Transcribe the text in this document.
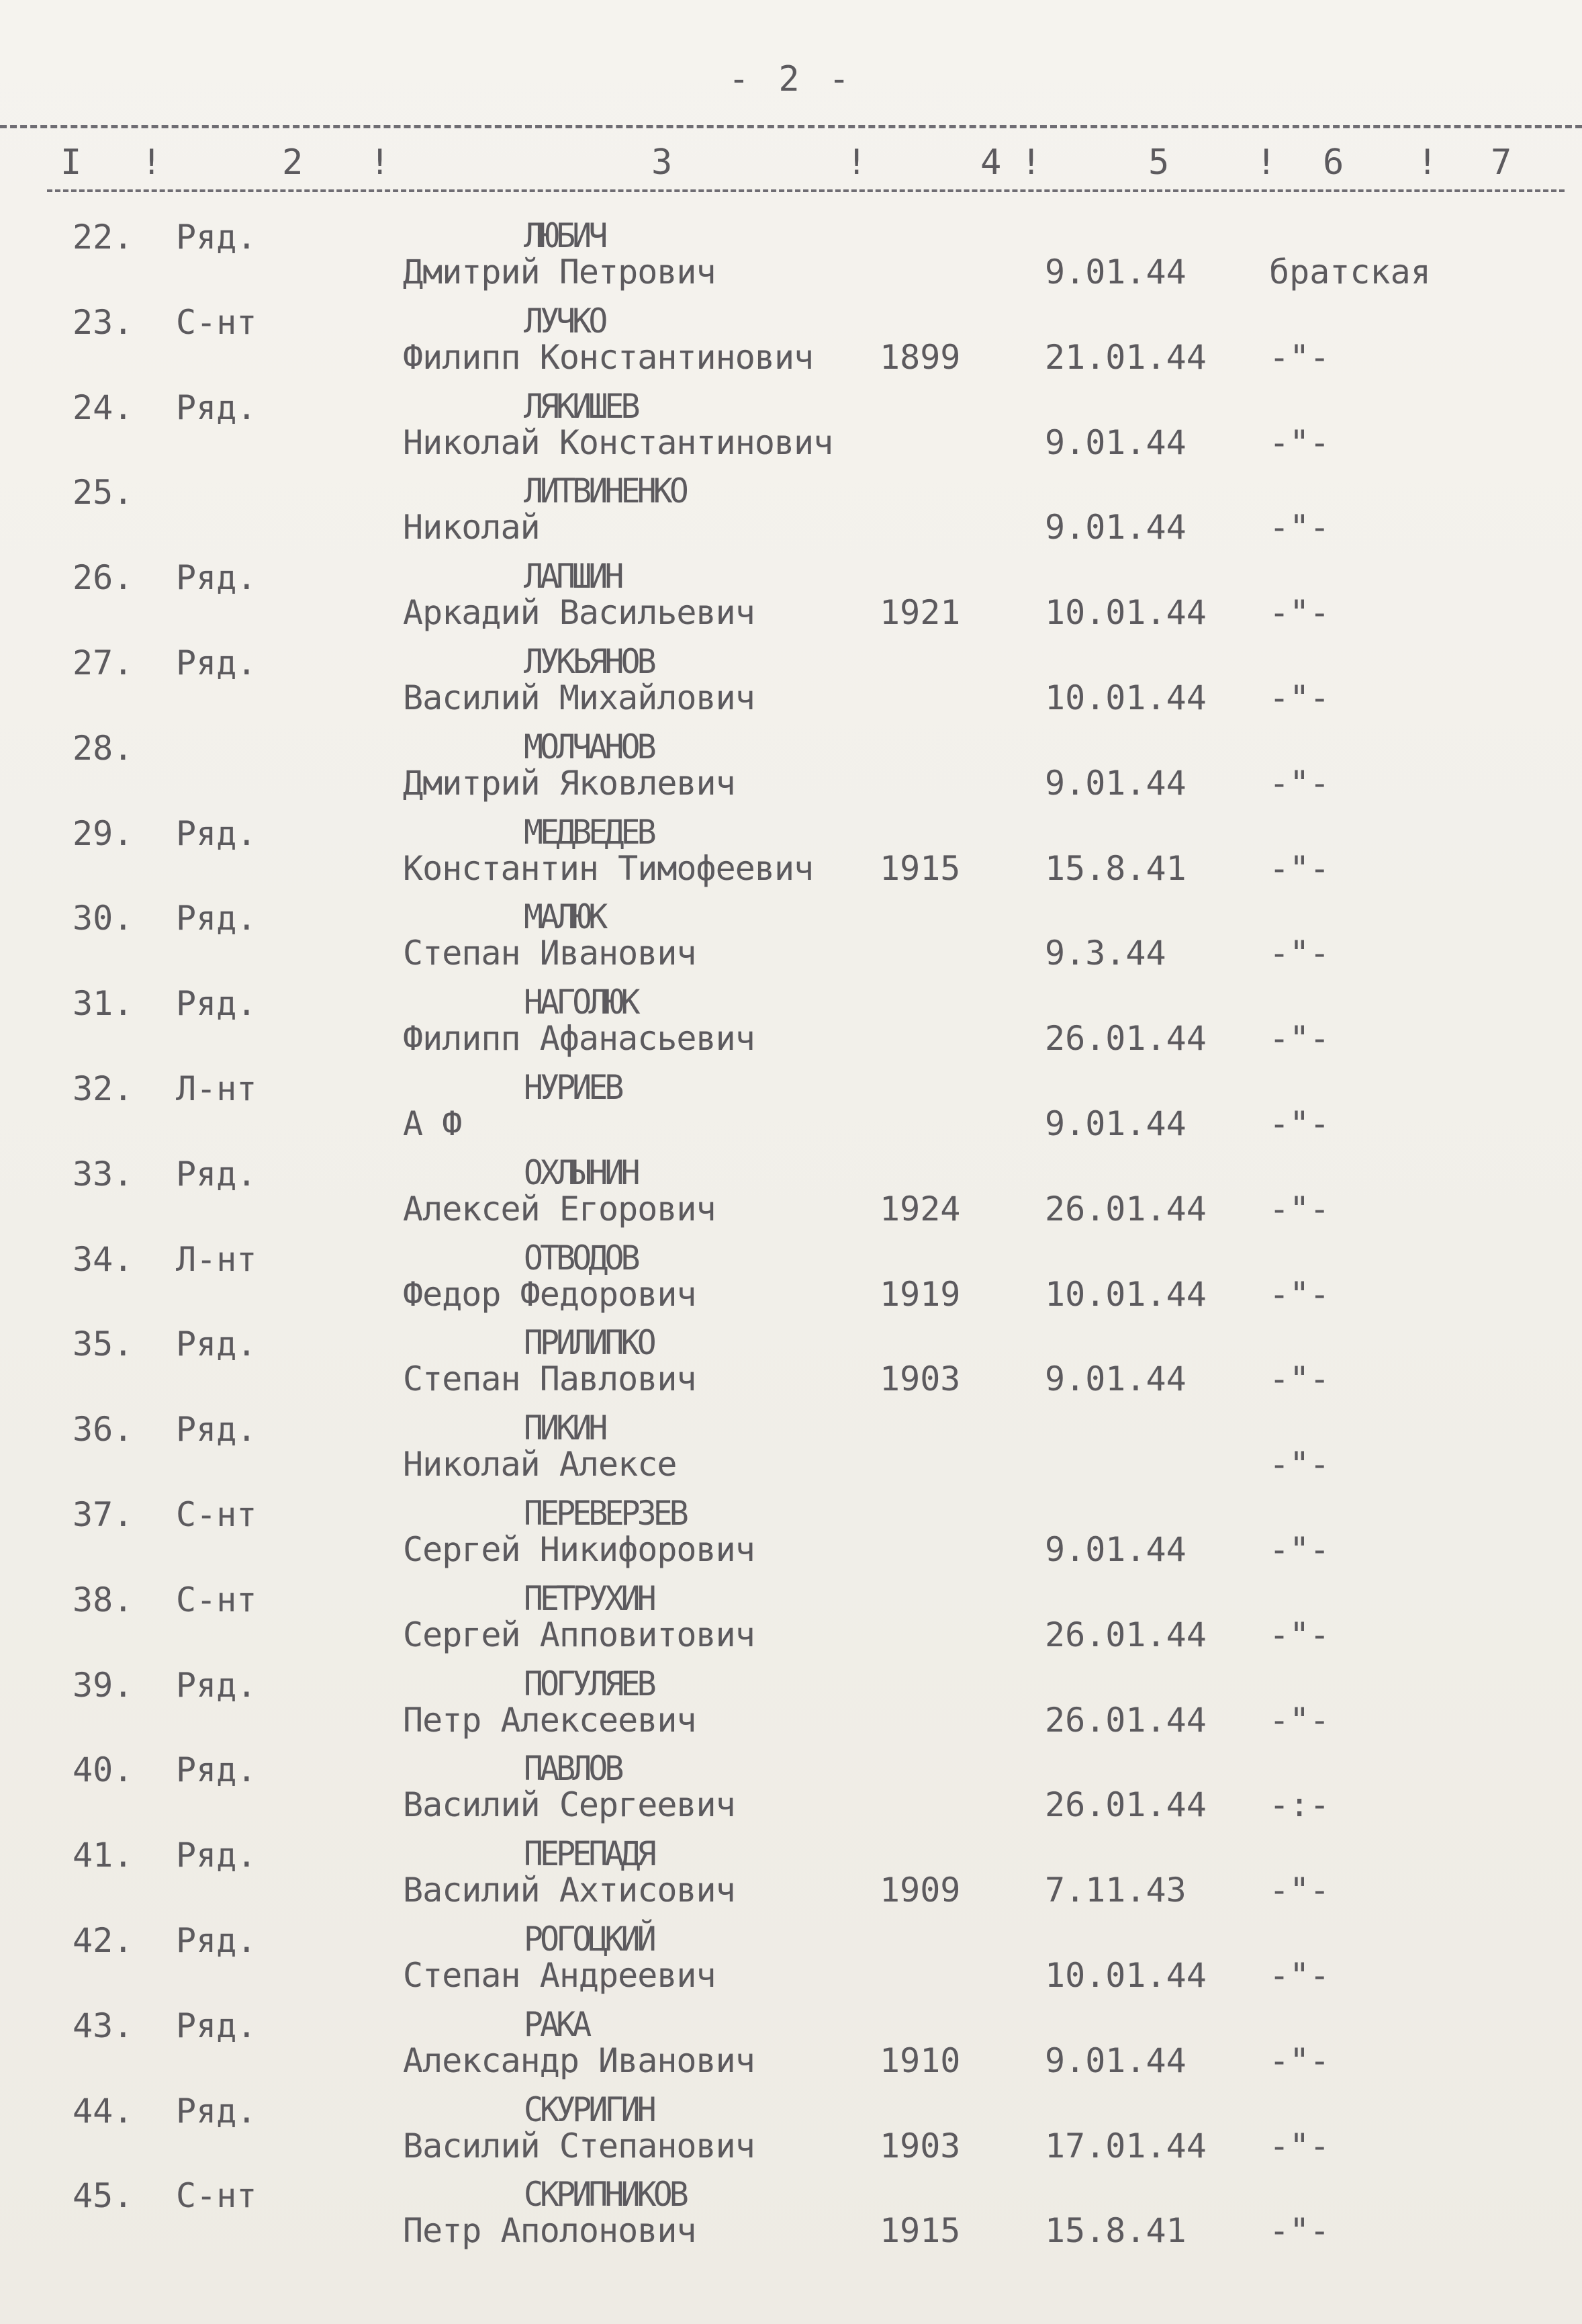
- 2 -
I !	2 !	3	!	4 !	5 ! 6 ! 7
22. Ряд.	ЛЮБИЧ
Дмитрий Петрович	9.01.44 братская
23. С-нт	ЛУЧКО
Филипп Константинович 1899	21.01.44 -"-
24. Ряд.	ЛЯКИШЕВ
Николай Константинович	9.01.44 -"-
25.	ЛИТВИНЕНКО
Николай	9.01.44 -"-
26. Ряд.	ЛАПШИН
Аркадий Васильевич	1921	10.01.44 -"-
27. Ряд.	ЛУКЬЯНОВ
Василий Михайлович	10.01.44 -"-
28.	МОЛЧАНОВ
Дмитрий Яковлевич	9.01.44 -"-
29. Ряд.	МЕДВЕДЕВ
Константин Тимофеевич 1915	15.8.41 -"-
30. Ряд.	МАЛЮК
Степан Иванович	9.3.44	-"-
31. Ряд.	НАГОЛЮК
Филипп Афанасьевич	26.01.44 -"-
32. Л-нт	НУРИЕВ
А Ф	9.01.44 -"-
33. Ряд.	ОХЛЫНИН
Алексей Егорович	1924	26.01.44 -"-
34. Л-нт	ОТВОДОВ
Федор Федорович	1919	10.01.44 -"-
35. Ряд.	ПРИЛИПКО
Степан Павлович	1903	9.01.44 -"-
36. Ряд.	ПИКИН
Николай Алексе	-"-
37. С-нт	ПЕРЕВЕРЗЕВ
Сергей Никифорович	9.01.44 -"-
38. С-нт	ПЕТРУХИН
Сергей Апповитович	26.01.44 -"-
39. Ряд.	ПОГУЛЯЕВ
Петр Алексеевич	26.01.44 -"-
40. Ряд.	ПАВЛОВ
Василий Сергеевич	26.01.44 -:-
41. Ряд.	ПЕРЕПАДЯ
Василий Ахтисович	1909	7.11.43 -"-
42. Ряд.	РОГОЦКИЙ
Степан Андреевич	10.01.44 -"-
43. Ряд.	РАКА
Александр Иванович	1910	9.01.44 -"-
44. Ряд.	СКУРИГИН
Василий Степанович	1903	17.01.44 -"-
45. С-нт	СКРИПНИКОВ
Петр Аполонович	1915	15.8.41 -"-
